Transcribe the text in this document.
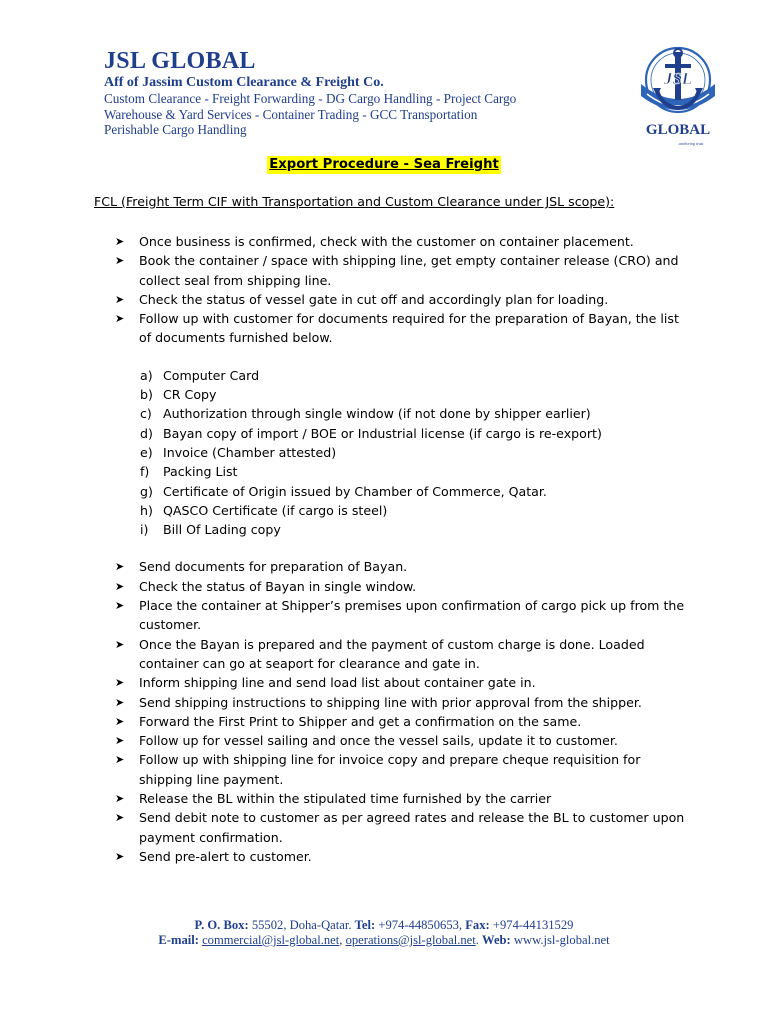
JSL GLOBAL
Aff of Jassim Custom Clearance & Freight Co.
Custom Clearance - Freight Forwarding - DG Cargo Handling - Project Cargo
Warehouse & Yard Services - Container Trading - GCC Transportation
Perishable Cargo Handling
JSL
GLOBAL
anchoring trust
Export Procedure - Sea Freight
FCL (Freight Term CIF with Transportation and Custom Clearance under JSL scope):
➤ Once business is confirmed, check with the customer on container placement.
➤ Book the container / space with shipping line, get empty container release (CRO) and collect seal from shipping line.
➤ Check the status of vessel gate in cut off and accordingly plan for loading.
➤ Follow up with customer for documents required for the preparation of Bayan, the list of documents furnished below.
a) Computer Card
b) CR Copy
c) Authorization through single window (if not done by shipper earlier)
d) Bayan copy of import / BOE or Industrial license (if cargo is re-export)
e) Invoice (Chamber attested)
f) Packing List
g) Certificate of Origin issued by Chamber of Commerce, Qatar.
h) QASCO Certificate (if cargo is steel)
i) Bill Of Lading copy
➤ Send documents for preparation of Bayan.
➤ Check the status of Bayan in single window.
➤ Place the container at Shipper’s premises upon confirmation of cargo pick up from the customer.
➤ Once the Bayan is prepared and the payment of custom charge is done. Loaded container can go at seaport for clearance and gate in.
➤ Inform shipping line and send load list about container gate in.
➤ Send shipping instructions to shipping line with prior approval from the shipper.
➤ Forward the First Print to Shipper and get a confirmation on the same.
➤ Follow up for vessel sailing and once the vessel sails, update it to customer.
➤ Follow up with shipping line for invoice copy and prepare cheque requisition for shipping line payment.
➤ Release the BL within the stipulated time furnished by the carrier
➤ Send debit note to customer as per agreed rates and release the BL to customer upon payment confirmation.
➤ Send pre-alert to customer.
P. O. Box: 55502, Doha-Qatar. Tel: +974-44850653, Fax: +974-44131529
E-mail: commercial@jsl-global.net, operations@jsl-global.net. Web: www.jsl-global.net
